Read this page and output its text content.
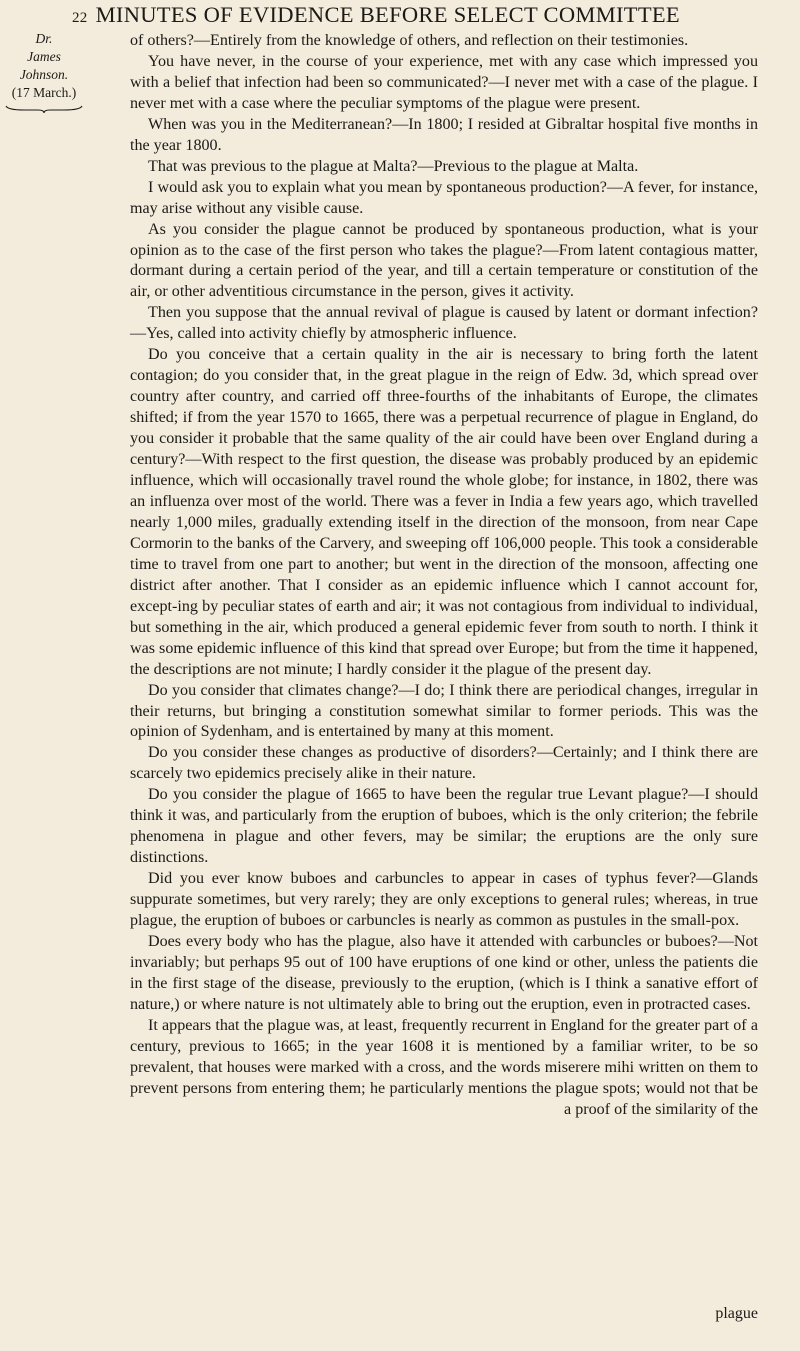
22 MINUTES OF EVIDENCE BEFORE SELECT COMMITTEE
Dr.
James Johnson.
(17 March.)

of others?—Entirely from the knowledge of others, and reflection on their testimonies.

You have never, in the course of your experience, met with any case which impressed you with a belief that infection had been so communicated?—I never met with a case of the plague. I never met with a case where the peculiar symptoms of the plague were present.

When was you in the Mediterranean?—In 1800; I resided at Gibraltar hospital five months in the year 1800.

That was previous to the plague at Malta?—Previous to the plague at Malta.

I would ask you to explain what you mean by spontaneous production?—A fever, for instance, may arise without any visible cause.

As you consider the plague cannot be produced by spontaneous production, what is your opinion as to the case of the first person who takes the plague?—From latent contagious matter, dormant during a certain period of the year, and till a certain temperature or constitution of the air, or other adventitious circumstance in the person, gives it activity.

Then you suppose that the annual revival of plague is caused by latent or dormant infection?—Yes, called into activity chiefly by atmospheric influence.

Do you conceive that a certain quality in the air is necessary to bring forth the latent contagion; do you consider that, in the great plague in the reign of Edw. 3d, which spread over country after country, and carried off three-fourths of the inhabitants of Europe, the climates shifted; if from the year 1570 to 1665, there was a perpetual recurrence of plague in England, do you consider it probable that the same quality of the air could have been over England during a century?—With respect to the first question, the disease was probably produced by an epidemic influence, which will occasionally travel round the whole globe; for instance, in 1802, there was an influenza over most of the world. There was a fever in India a few years ago, which travelled nearly 1,000 miles, gradually extending itself in the direction of the monsoon, from near Cape Cormorin to the banks of the Carvery, and sweeping off 106,000 people. This took a considerable time to travel from one part to another; but went in the direction of the monsoon, affecting one district after another. That I consider as an epidemic influence which I cannot account for, except-ing by peculiar states of earth and air; it was not contagious from individual to individual, but something in the air, which produced a general epidemic fever from south to north. I think it was some epidemic influence of this kind that spread over Europe; but from the time it happened, the descriptions are not minute; I hardly consider it the plague of the present day.

Do you consider that climates change?—I do; I think there are periodical changes, irregular in their returns, but bringing a constitution somewhat similar to former periods. This was the opinion of Sydenham, and is entertained by many at this moment.

Do you consider these changes as productive of disorders?—Certainly; and I think there are scarcely two epidemics precisely alike in their nature.

Do you consider the plague of 1665 to have been the regular true Levant plague?—I should think it was, and particularly from the eruption of buboes, which is the only criterion; the febrile phenomena in plague and other fevers, may be similar; the eruptions are the only sure distinctions.

Did you ever know buboes and carbuncles to appear in cases of typhus fever?—Glands suppurate sometimes, but very rarely; they are only exceptions to general rules; whereas, in true plague, the eruption of buboes or carbuncles is nearly as common as pustules in the small-pox.

Does every body who has the plague, also have it attended with carbuncles or buboes?—Not invariably; but perhaps 95 out of 100 have eruptions of one kind or other, unless the patients die in the first stage of the disease, previously to the eruption, (which is I think a sanative effort of nature,) or where nature is not ultimately able to bring out the eruption, even in protracted cases.

It appears that the plague was, at least, frequently recurrent in England for the greater part of a century, previous to 1665; in the year 1608 it is mentioned by a familiar writer, to be so prevalent, that houses were marked with a cross, and the words miserere mihi written on them to prevent persons from entering them; he particularly mentions the plague spots; would not that be a proof of the similarity of the

plague
